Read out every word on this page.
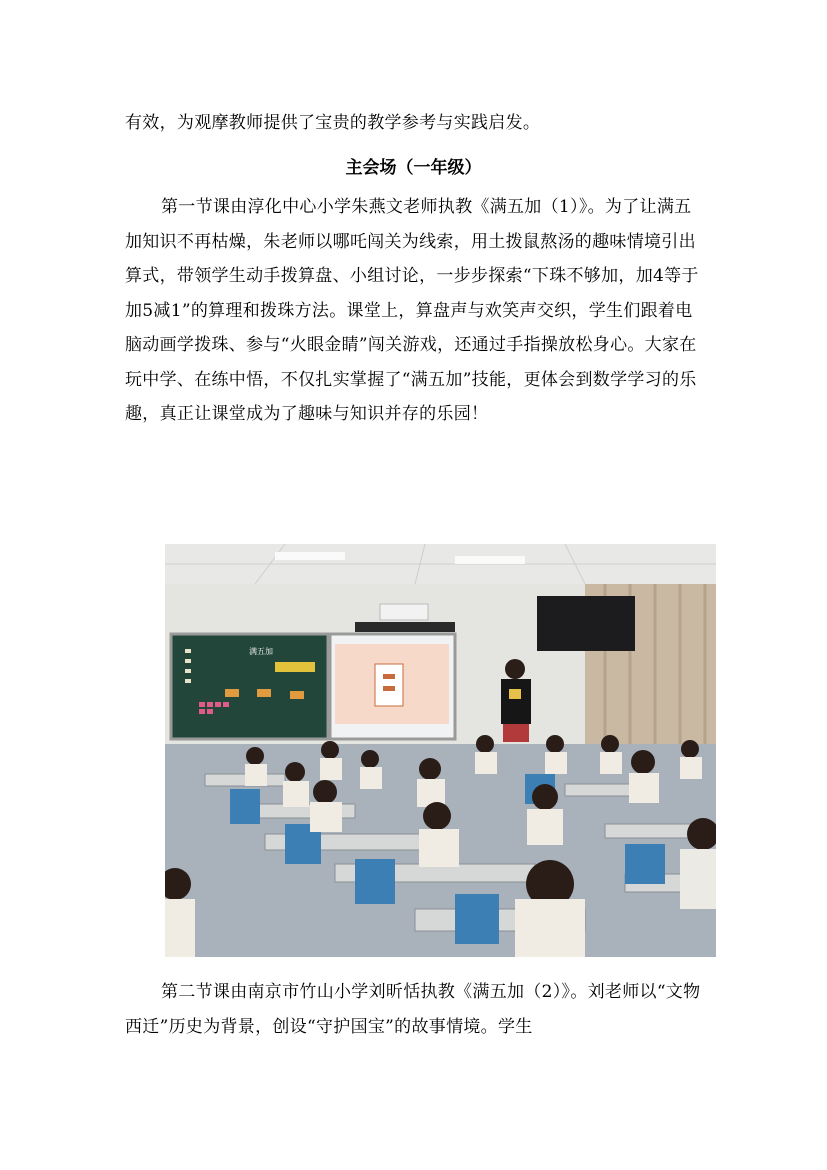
有效，为观摩教师提供了宝贵的教学参考与实践启发。
主会场（一年级）
第一节课由淳化中心小学朱燕文老师执教《满五加（1）》。为了让满五加知识不再枯燥，朱老师以哪吒闯关为线索，用土拨鼠熬汤的趣味情境引出算式，带领学生动手拨算盘、小组讨论，一步步探索“下珠不够加，加4等于加5减1”的算理和拨珠方法。课堂上，算盘声与欢笑声交织，学生们跟着电脑动画学拨珠、参与“火眼金睛”闯关游戏，还通过手指操放松身心。大家在玩中学、在练中悟，不仅扎实掌握了“满五加”技能，更体会到数学学习的乐趣，真正让课堂成为了趣味与知识并存的乐园！
满五加
第二节课由南京市竹山小学刘昕恬执教《满五加（2）》。刘老师以“文物西迁”历史为背景，创设“守护国宝”的故事情境。学生
